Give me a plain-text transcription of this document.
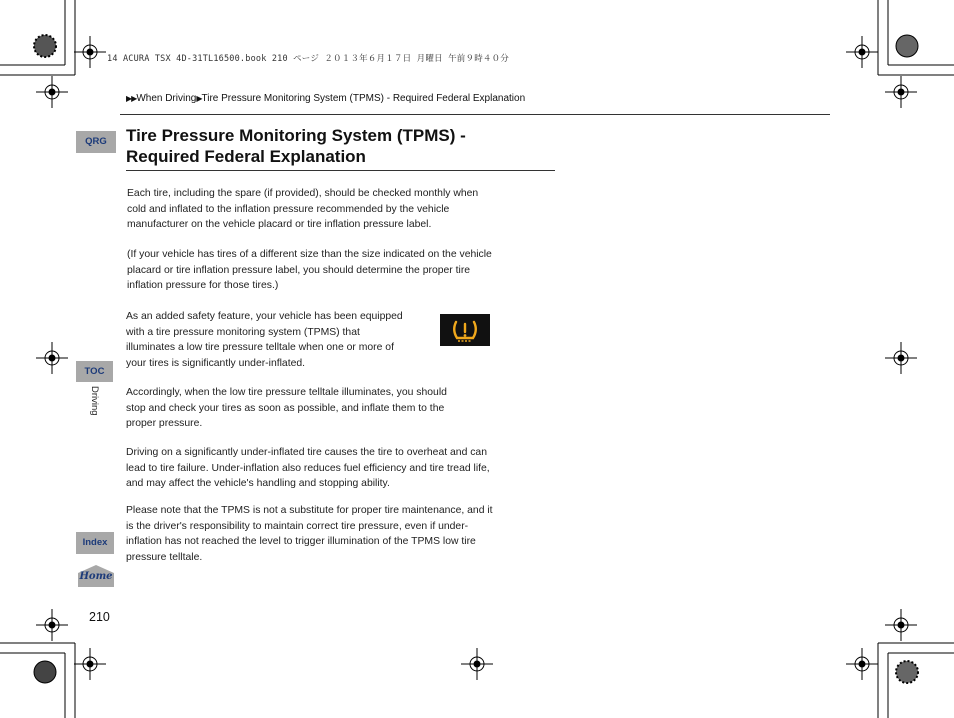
14 ACURA TSX 4D-31TL16500.book 210 ページ ２０１３年６月１７日 月曜日 午前９時４０分
▶▶When Driving▶Tire Pressure Monitoring System (TPMS) - Required Federal Explanation
Tire Pressure Monitoring System (TPMS) -
Required Federal Explanation
Each tire, including the spare (if provided), should be checked monthly when
cold and inflated to the inflation pressure recommended by the vehicle
manufacturer on the vehicle placard or tire inflation pressure label.
(If your vehicle has tires of a different size than the size indicated on the vehicle
placard or tire inflation pressure label, you should determine the proper tire
inflation pressure for those tires.)
As an added safety feature, your vehicle has been equipped
with a tire pressure monitoring system (TPMS) that
illuminates a low tire pressure telltale when one or more of
your tires is significantly under-inflated.
Accordingly, when the low tire pressure telltale illuminates, you should
stop and check your tires as soon as possible, and inflate them to the
proper pressure.
Driving on a significantly under-inflated tire causes the tire to overheat and can
lead to tire failure. Under-inflation also reduces fuel efficiency and tire tread life,
and may affect the vehicle's handling and stopping ability.
Please note that the TPMS is not a substitute for proper tire maintenance, and it
is the driver's responsibility to maintain correct tire pressure, even if under-
inflation has not reached the level to trigger illumination of the TPMS low tire
pressure telltale.
QRG
TOC
Driving
Index
Home
210
